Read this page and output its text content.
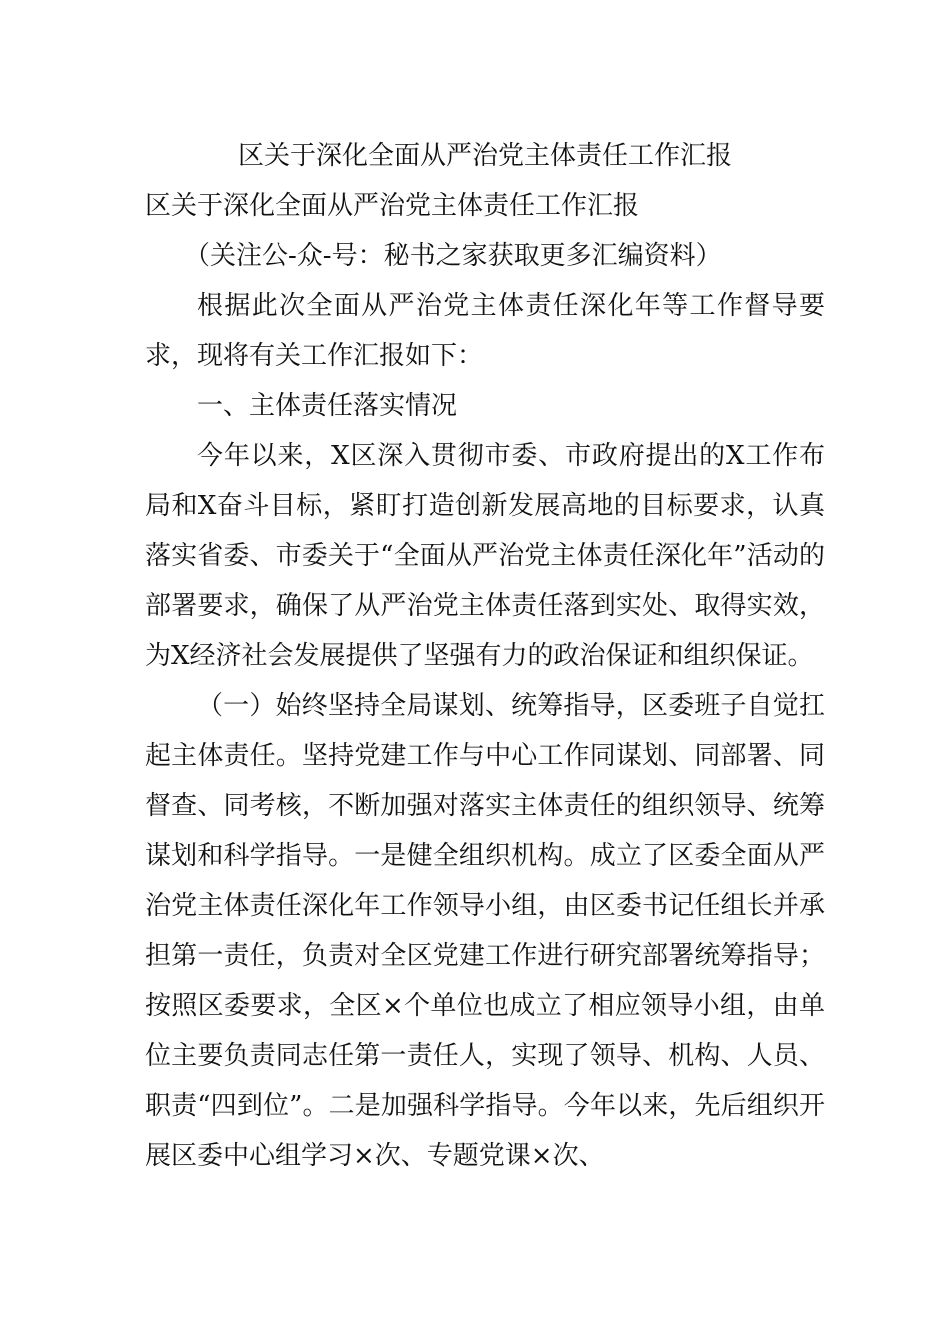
区关于深化全面从严治党主体责任工作汇报

区关于深化全面从严治党主体责任工作汇报

（关注公-众-号：秘书之家获取更多汇编资料）

根据此次全面从严治党主体责任深化年等工作督导要求，现将有关工作汇报如下：

一、主体责任落实情况

今年以来，X区深入贯彻市委、市政府提出的X工作布局和X奋斗目标，紧盯打造创新发展高地的目标要求，认真落实省委、市委关于“全面从严治党主体责任深化年”活动的部署要求，确保了从严治党主体责任落到实处、取得实效，为X经济社会发展提供了坚强有力的政治保证和组织保证。

（一）始终坚持全局谋划、统筹指导，区委班子自觉扛起主体责任。坚持党建工作与中心工作同谋划、同部署、同督查、同考核，不断加强对落实主体责任的组织领导、统筹谋划和科学指导。一是健全组织机构。成立了区委全面从严治党主体责任深化年工作领导小组，由区委书记任组长并承担第一责任，负责对全区党建工作进行研究部署统筹指导；按照区委要求，全区×个单位也成立了相应领导小组，由单位主要负责同志任第一责任人，实现了领导、机构、人员、职责“四到位”。二是加强科学指导。今年以来，先后组织开展区委中心组学习×次、专题党课×次、
